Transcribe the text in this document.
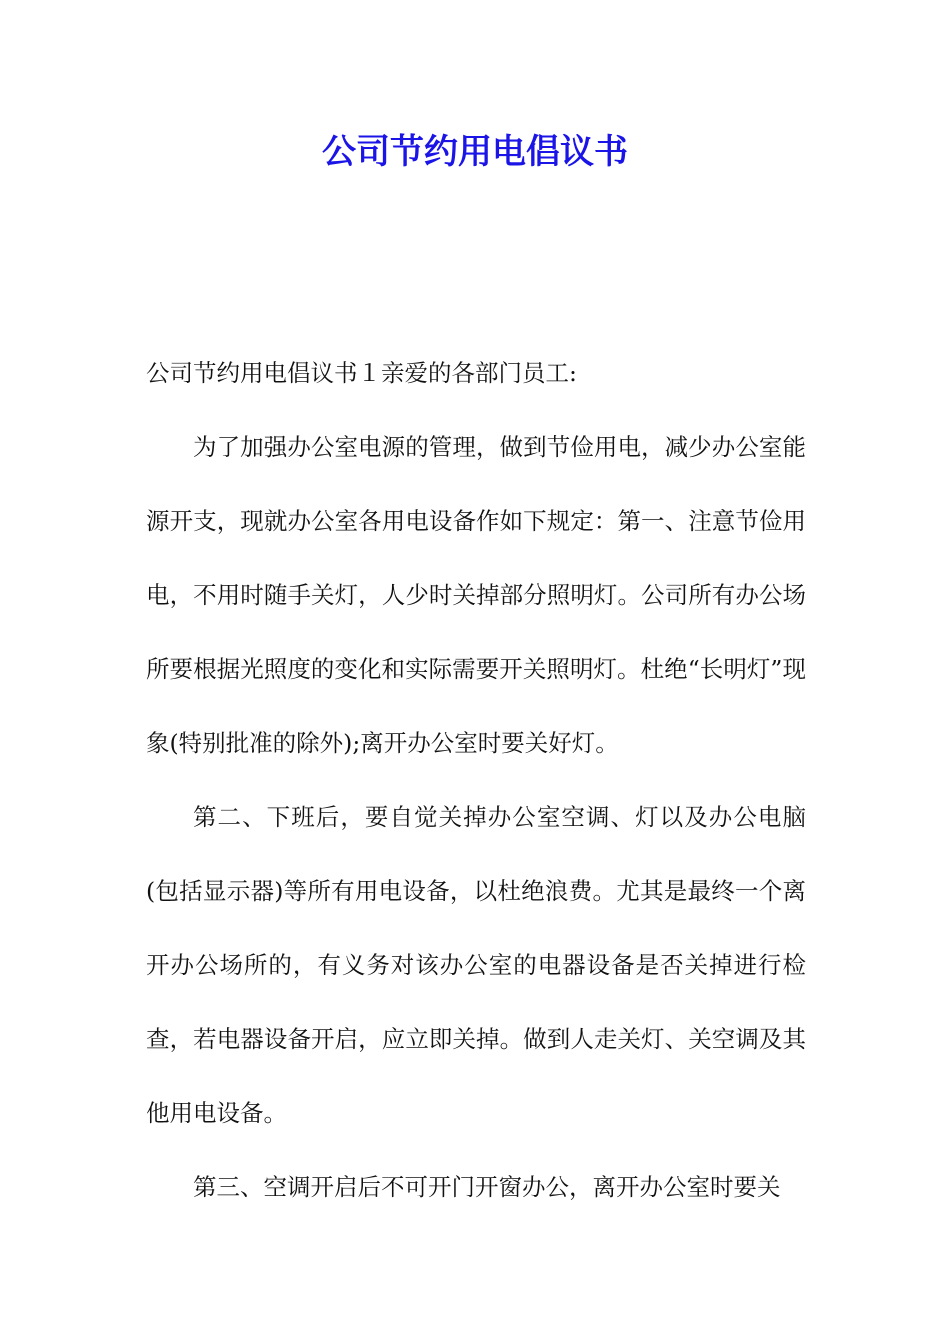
公司节约用电倡议书

公司节约用电倡议书１亲爱的各部门员工:

为了加强办公室电源的管理，做到节俭用电，减少办公室能源开支，现就办公室各用电设备作如下规定：第一、注意节俭用电，不用时随手关灯，人少时关掉部分照明灯。公司所有办公场所要根据光照度的变化和实际需要开关照明灯。杜绝“长明灯”现象(特别批准的除外);离开办公室时要关好灯。

第二、下班后，要自觉关掉办公室空调、灯以及办公电脑(包括显示器)等所有用电设备，以杜绝浪费。尤其是最终一个离开办公场所的，有义务对该办公室的电器设备是否关掉进行检查，若电器设备开启，应立即关掉。做到人走关灯、关空调及其他用电设备。

第三、空调开启后不可开门开窗办公，离开办公室时要关
